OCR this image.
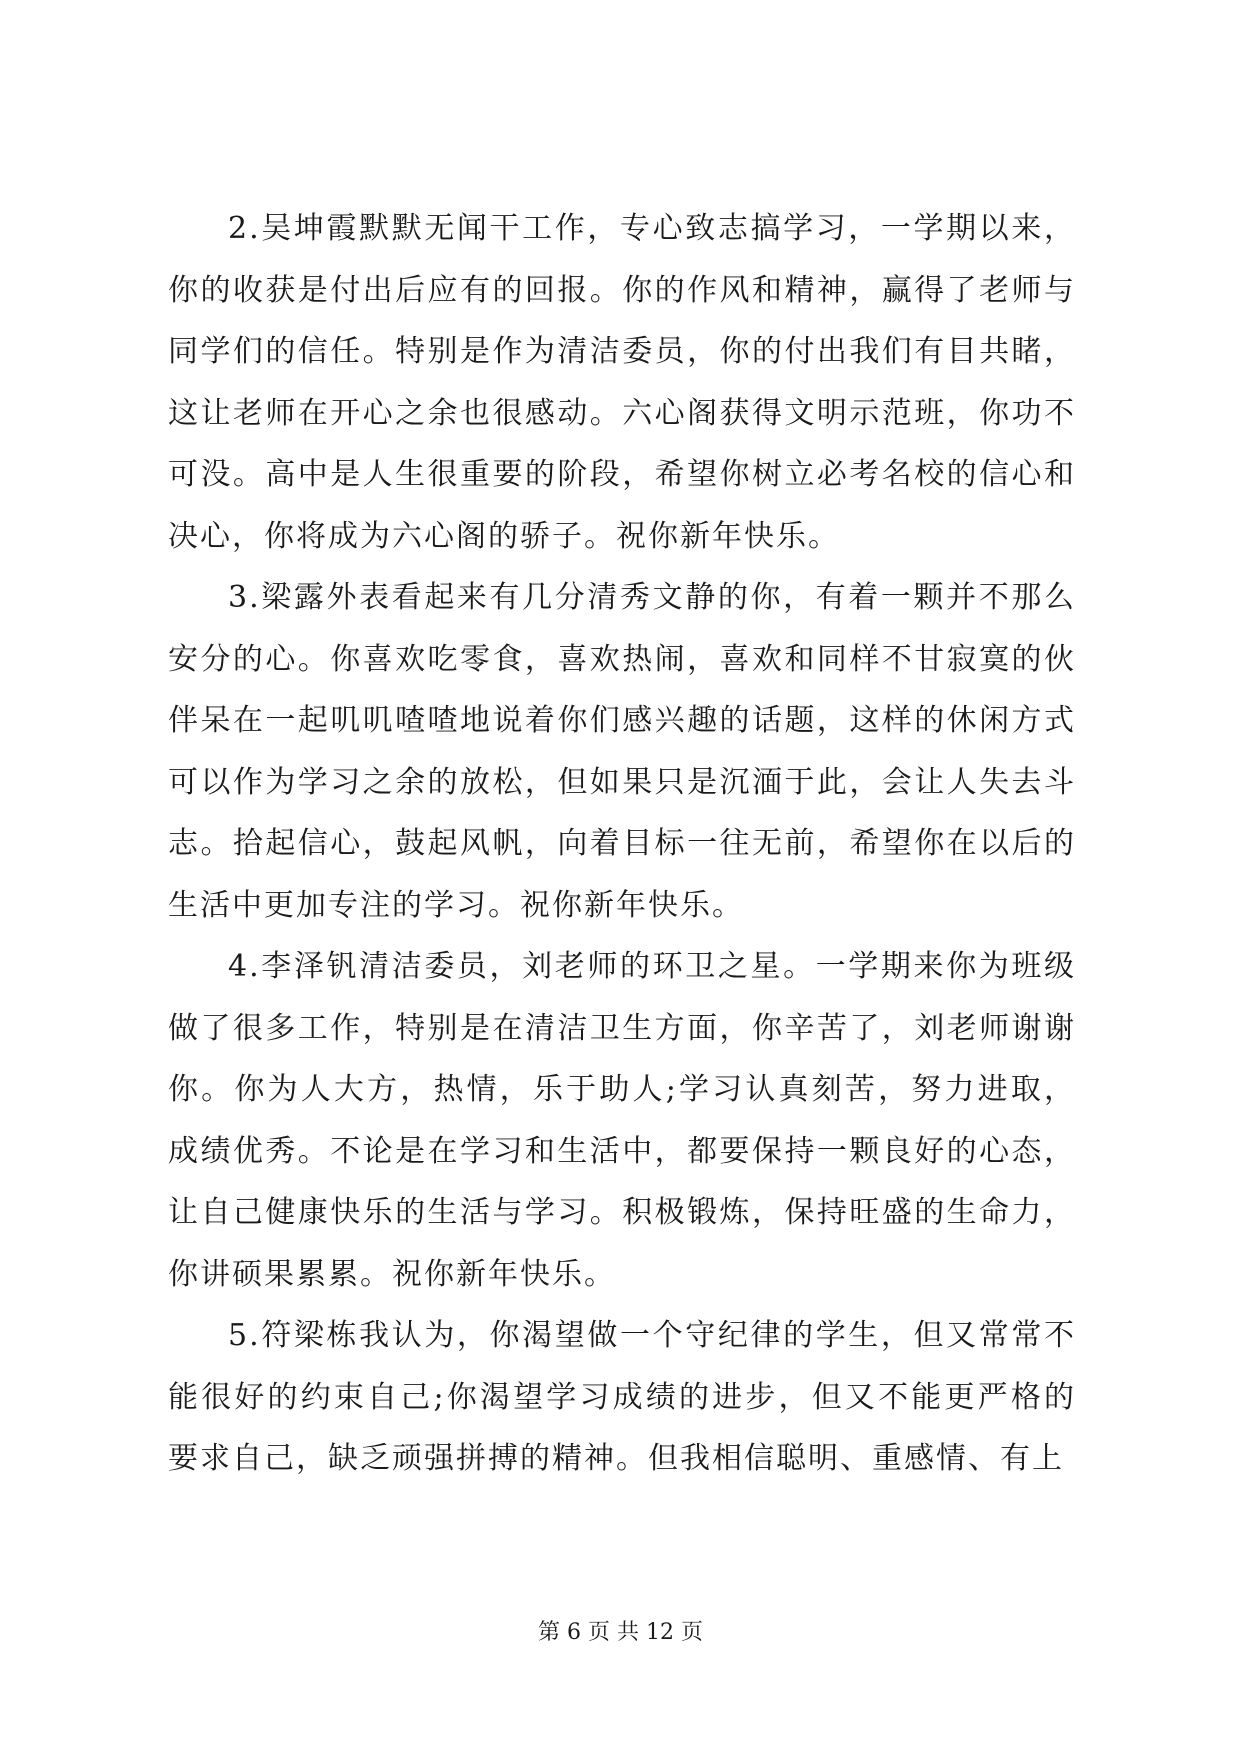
2.吴坤霞默默无闻干工作，专心致志搞学习，一学期以来，你的收获是付出后应有的回报。你的作风和精神，赢得了老师与同学们的信任。特别是作为清洁委员，你的付出我们有目共睹，这让老师在开心之余也很感动。六心阁获得文明示范班，你功不可没。高中是人生很重要的阶段，希望你树立必考名校的信心和决心，你将成为六心阁的骄子。祝你新年快乐。

3.梁露外表看起来有几分清秀文静的你，有着一颗并不那么安分的心。你喜欢吃零食，喜欢热闹，喜欢和同样不甘寂寞的伙伴呆在一起叽叽喳喳地说着你们感兴趣的话题，这样的休闲方式可以作为学习之余的放松，但如果只是沉湎于此，会让人失去斗志。拾起信心，鼓起风帆，向着目标一往无前，希望你在以后的生活中更加专注的学习。祝你新年快乐。

4.李泽钒清洁委员，刘老师的环卫之星。一学期来你为班级做了很多工作，特别是在清洁卫生方面，你辛苦了，刘老师谢谢你。你为人大方，热情，乐于助人;学习认真刻苦，努力进取，成绩优秀。不论是在学习和生活中，都要保持一颗良好的心态，让自己健康快乐的生活与学习。积极锻炼，保持旺盛的生命力，你讲硕果累累。祝你新年快乐。

5.符梁栋我认为，你渴望做一个守纪律的学生，但又常常不能很好的约束自己;你渴望学习成绩的进步，但又不能更严格的要求自己，缺乏顽强拼搏的精神。但我相信聪明、重感情、有上

第 6 页 共 12 页
